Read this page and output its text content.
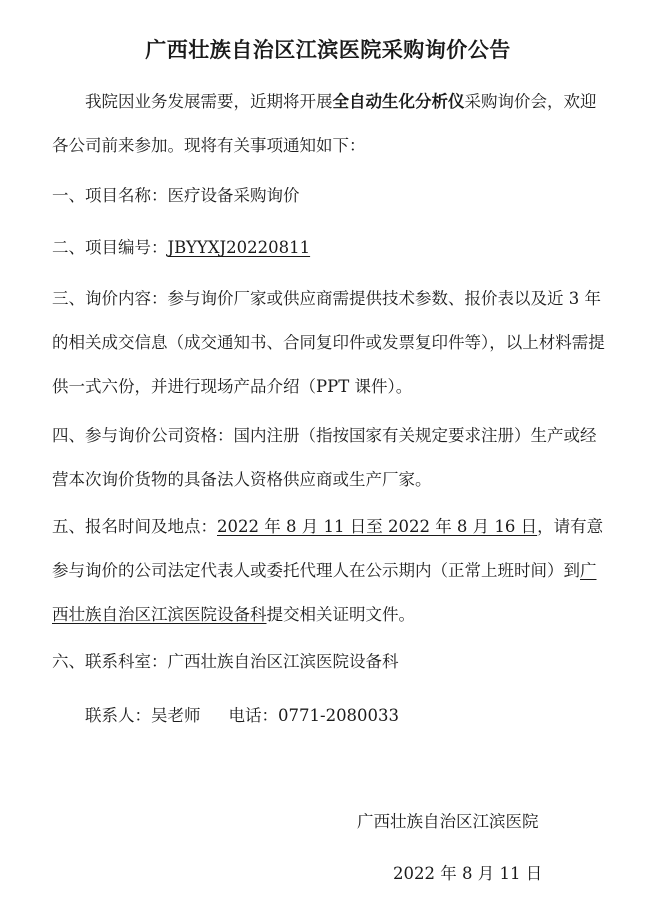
广西壮族自治区江滨医院采购询价公告

我院因业务发展需要，近期将开展全自动生化分析仪采购询价会，欢迎各公司前来参加。现将有关事项通知如下：

一、项目名称：医疗设备采购询价

二、项目编号：JBYYXJ20220811

三、询价内容：参与询价厂家或供应商需提供技术参数、报价表以及近 3 年的相关成交信息（成交通知书、合同复印件或发票复印件等），以上材料需提供一式六份，并进行现场产品介绍（PPT 课件）。

四、参与询价公司资格：国内注册（指按国家有关规定要求注册）生产或经营本次询价货物的具备法人资格供应商或生产厂家。

五、报名时间及地点：2022 年 8 月 11 日至 2022 年 8 月 16 日，请有意参与询价的公司法定代表人或委托代理人在公示期内（正常上班时间）到广西壮族自治区江滨医院设备科提交相关证明文件。

六、联系科室：广西壮族自治区江滨医院设备科

联系人：吴老师 电话：0771-2080033

广西壮族自治区江滨医院
2022 年 8 月 11 日
